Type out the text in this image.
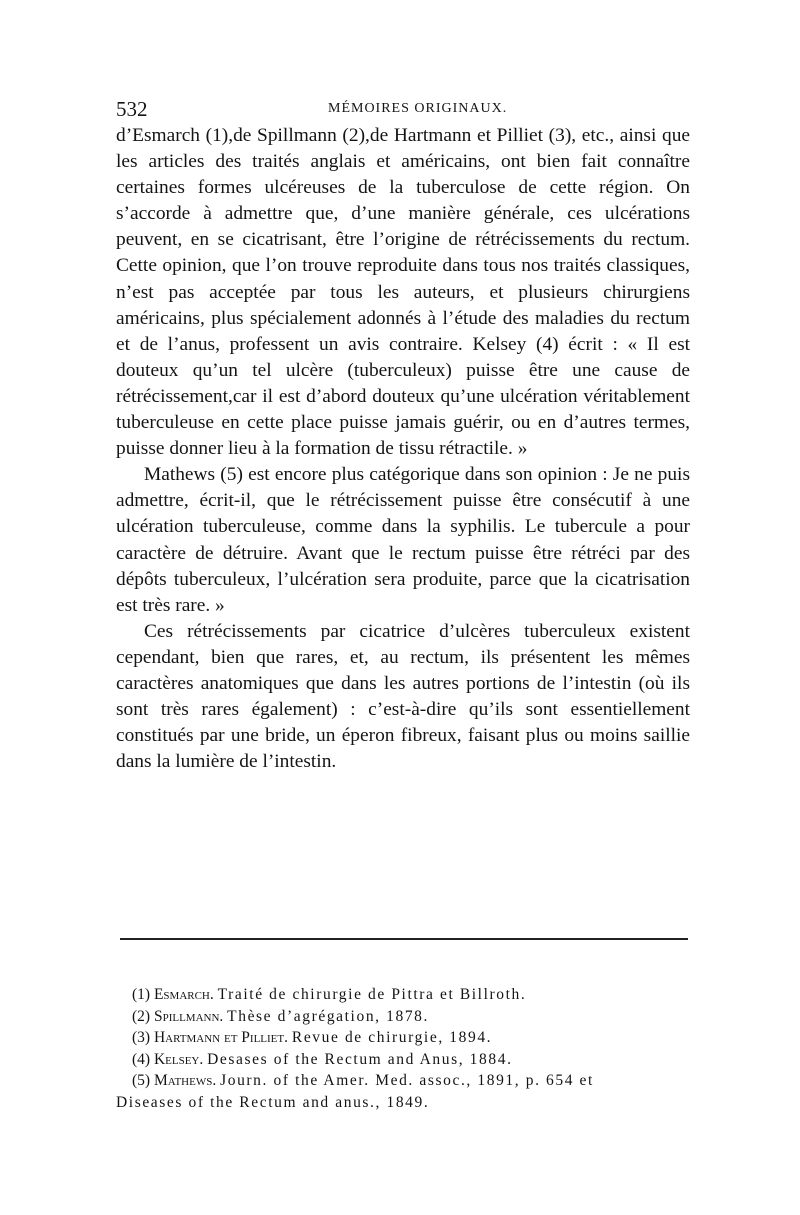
532	MÉMOIRES ORIGINAUX.

d’Esmarch (1),de Spillmann (2),de Hartmann et Pilliet (3), etc., ainsi que les articles des traités anglais et américains, ont bien fait connaître certaines formes ulcéreuses de la tuberculose de cette région. On s’accorde à admettre que, d’une manière générale, ces ulcérations peuvent, en se cicatrisant, être l’origine de rétrécissements du rectum. Cette opinion, que l’on trouve reproduite dans tous nos traités classiques, n’est pas acceptée par tous les auteurs, et plusieurs chirurgiens américains, plus spécialement adonnés à l’étude des maladies du rectum et de l’anus, professent un avis contraire. Kelsey (4) écrit : « Il est douteux qu’un tel ulcère (tuberculeux) puisse être une cause de rétrécissement,car il est d’abord douteux qu’une ulcération véritablement tuberculeuse en cette place puisse jamais guérir, ou en d’autres termes, puisse donner lieu à la formation de tissu rétractile. »

Mathews (5) est encore plus catégorique dans son opinion : Je ne puis admettre, écrit-il, que le rétrécissement puisse être consécutif à une ulcération tuberculeuse, comme dans la syphilis. Le tubercule a pour caractère de détruire. Avant que le rectum puisse être rétréci par des dépôts tuberculeux, l’ulcération sera produite, parce que la cicatrisation est très rare. »

Ces rétrécissements par cicatrice d’ulcères tuberculeux existent cependant, bien que rares, et, au rectum, ils présentent les mêmes caractères anatomiques que dans les autres portions de l’intestin (où ils sont très rares également) : c’est-à-dire qu’ils sont essentiellement constitués par une bride, un éperon fibreux, faisant plus ou moins saillie dans la lumière de l’intestin.

(1) Esmarch. Traité de chirurgie de Pittra et Billroth.

(2) Spillmann. Thèse d’agrégation, 1878.

(3) Hartmann et Pilliet. Revue de chirurgie, 1894.

(4) Kelsey. Desases of the Rectum and Anus, 1884.

(5) Mathews. Journ. of the Amer. Med. assoc., 1891, p. 654 et

Diseases of the Rectum and anus., 1849.
